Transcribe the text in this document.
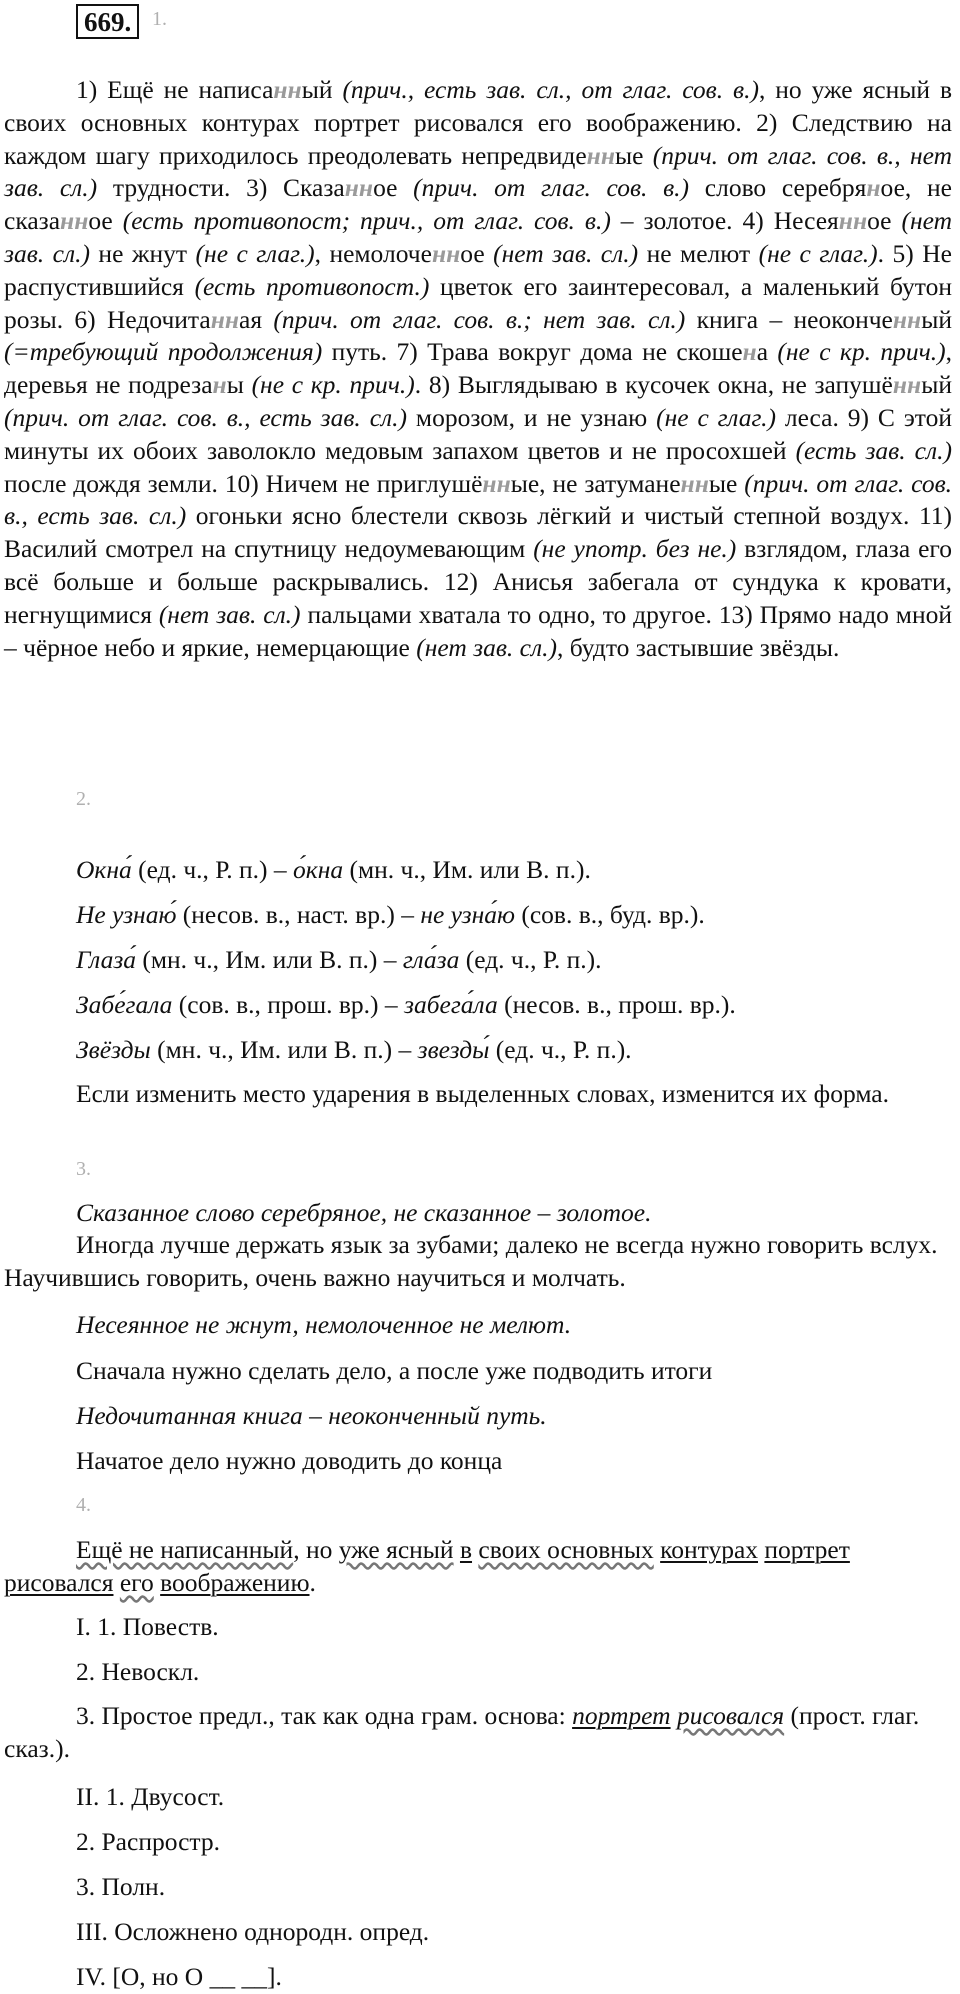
669.	1.
1) Ещё не написанный (прич., есть зав. сл., от глаг. сов. в.), но уже ясный в своих основных контурах портрет рисовался его воображению. 2) Следствию на каждом шагу приходилось преодолевать непредвиденные (прич. от глаг. сов. в., нет зав. сл.) трудности. 3) Сказанное (прич. от глаг. сов. в.) слово серебряное, не сказанное (есть противопост; прич., от глаг. сов. в.) – золотое. 4) Несеянное (нет зав. сл.) не жнут (не с глаг.), немолоченное (нет зав. сл.) не мелют (не с глаг.). 5) Не распустившийся (есть противопост.) цветок его заинтересовал, а маленький бутон розы. 6) Недочитанная (прич. от глаг. сов. в.; нет зав. сл.) книга – неоконченный (=требующий продолжения) путь. 7) Трава вокруг дома не скошена (не с кр. прич.), деревья не подрезаны (не с кр. прич.). 8) Выглядываю в кусочек окна, не запушённый (прич. от глаг. сов. в., есть зав. сл.) морозом, и не узнаю (не с глаг.) леса. 9) С этой минуты их обоих заволокло медовым запахом цветов и не просохшей (есть зав. сл.) после дождя земли. 10) Ничем не приглушённые, не затуманенные (прич. от глаг. сов. в., есть зав. сл.) огоньки ясно блестели сквозь лёгкий и чистый степной воздух. 11) Василий смотрел на спутницу недоумевающим (не употр. без не.) взглядом, глаза его всё больше и больше раскрывались. 12) Анисья забегала от сундука к кровати, негнущимися (нет зав. сл.) пальцами хватала то одно, то другое. 13) Прямо надо мной – чёрное небо и яркие, немерцающие (нет зав. сл.), будто застывшие звёзды.
2.
Окна́ (ед. ч., Р. п.) – о́кна (мн. ч., Им. или В. п.).
Не узнаю́ (несов. в., наст. вр.) – не узна́ю (сов. в., буд. вр.).
Глаза́ (мн. ч., Им. или В. п.) – гла́за (ед. ч., Р. п.).
Забе́гала (сов. в., прош. вр.) – забега́ла (несов. в., прош. вр.).
Звёзды (мн. ч., Им. или В. п.) – звезды́ (ед. ч., Р. п.).
Если изменить место ударения в выделенных словах, изменится их форма.
3.
Сказанное слово серебряное, не сказанное – золотое.
Иногда лучше держать язык за зубами; далеко не всегда нужно говорить вслух. Научившись говорить, очень важно научиться и молчать.
Несеянное не жнут, немолоченное не мелют.
Сначала нужно сделать дело, а после уже подводить итоги
Недочитанная книга – неоконченный путь.
Начатое дело нужно доводить до конца
4.
Ещё не написанный, но уже ясный в своих основных контурах портрет рисовался его воображению.
I. 1. Повеств.
2. Невоскл.
3. Простое предл., так как одна грам. основа: портрет рисовался (прост. глаг. сказ.).
II. 1. Двусост.
2. Распростр.
3. Полн.
III. Осложнено однородн. опред.
IV. [О, но О __ __].
